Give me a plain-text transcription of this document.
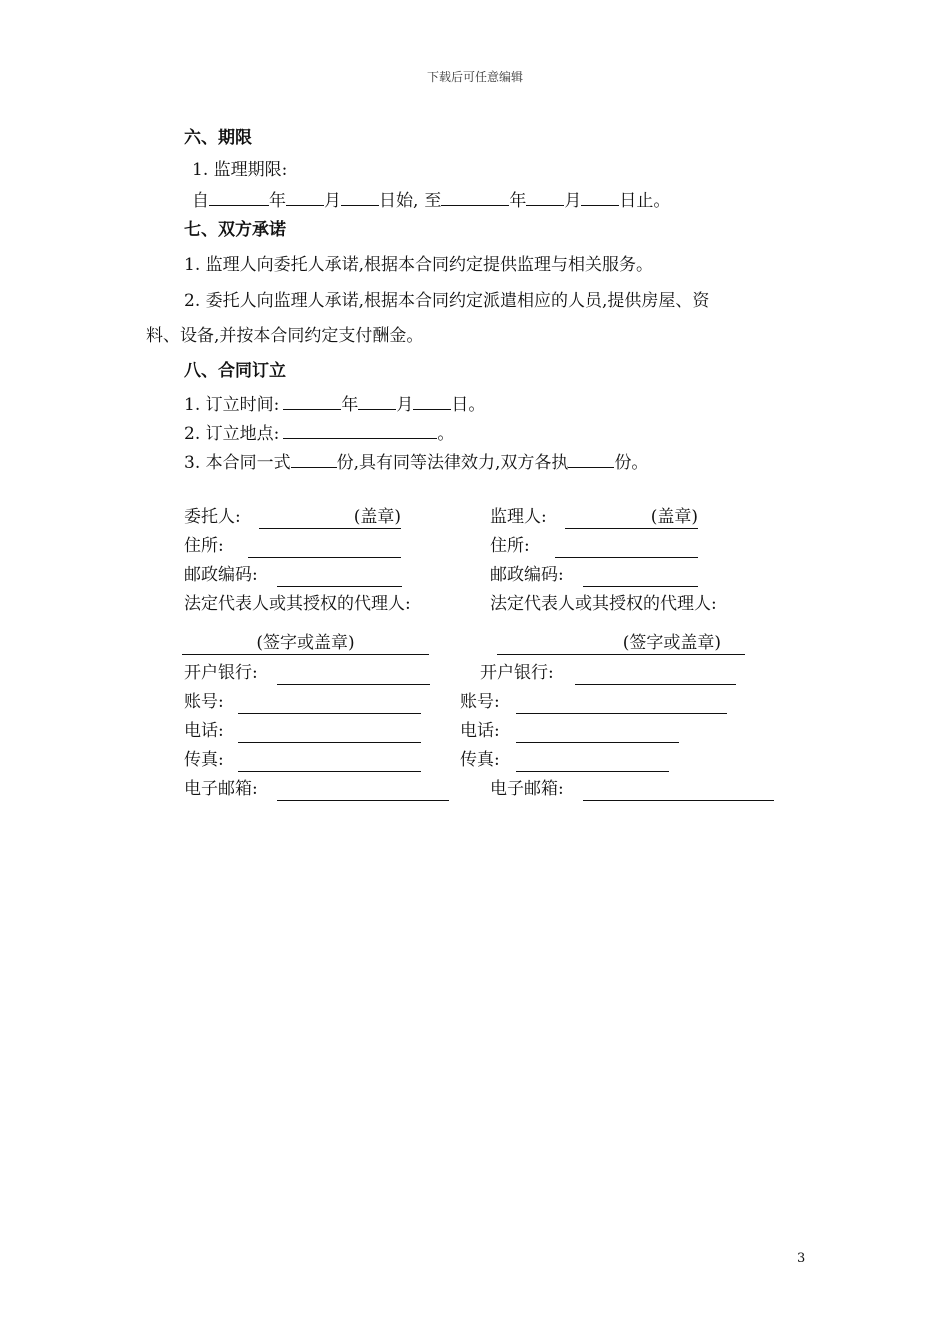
下载后可任意编辑
六、期限
1. 监理期限:
自	年 月 日始, 至	年 月 日止。
七、双方承诺
1. 监理人向委托人承诺,根据本合同约定提供监理与相关服务。
2. 委托人向监理人承诺,根据本合同约定派遣相应的人员,提供房屋、资
料、设备,并按本合同约定支付酬金。
八、合同订立
1. 订立时间:	年 月 日。
2. 订立地点:	。
3. 本合同一式	份,具有同等法律效力,双方各执	份。
委托人:	(盖章)
住所:
邮政编码:
法定代表人或其授权的代理人:
(签字或盖章)
开户银行:
账号:
电话:
传真:
电子邮箱:
监理人:	(盖章)
住所:
邮政编码:
法定代表人或其授权的代理人:
(签字或盖章)
开户银行:
账号:
电话:
传真:
电子邮箱:
3
